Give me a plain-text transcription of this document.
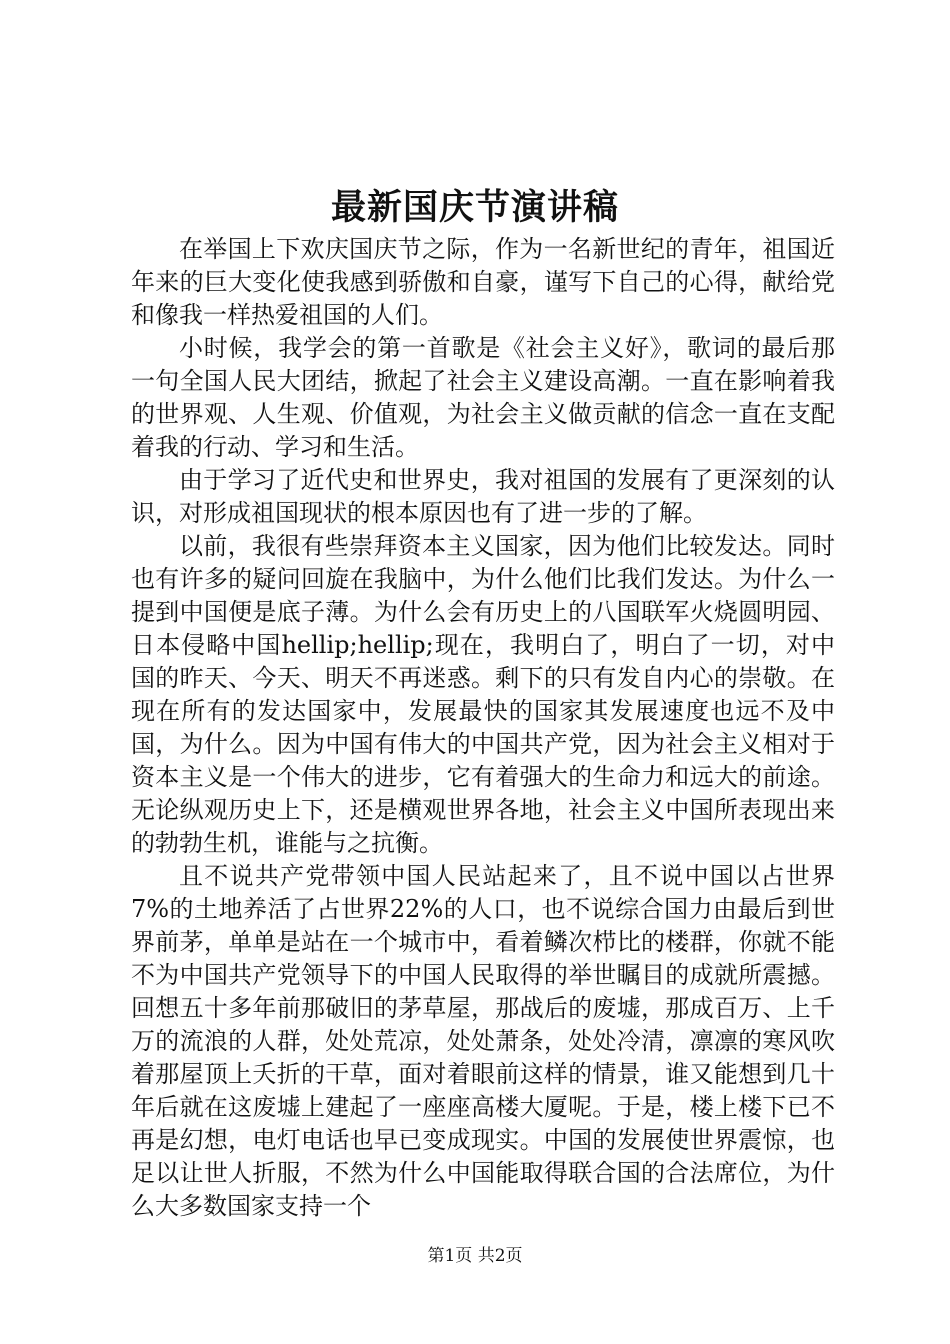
最新国庆节演讲稿

在举国上下欢庆国庆节之际，作为一名新世纪的青年，祖国近年来的巨大变化使我感到骄傲和自豪，谨写下自己的心得，献给党和像我一样热爱祖国的人们。

小时候，我学会的第一首歌是《社会主义好》，歌词的最后那一句全国人民大团结，掀起了社会主义建设高潮。一直在影响着我的世界观、人生观、价值观，为社会主义做贡献的信念一直在支配着我的行动、学习和生活。

由于学习了近代史和世界史，我对祖国的发展有了更深刻的认识，对形成祖国现状的根本原因也有了进一步的了解。

以前，我很有些崇拜资本主义国家，因为他们比较发达。同时也有许多的疑问回旋在我脑中，为什么他们比我们发达。为什么一提到中国便是底子薄。为什么会有历史上的八国联军火烧圆明园、日本侵略中国hellip;hellip;现在，我明白了，明白了一切，对中国的昨天、今天、明天不再迷惑。剩下的只有发自内心的崇敬。在现在所有的发达国家中，发展最快的国家其发展速度也远不及中国，为什么。因为中国有伟大的中国共产党，因为社会主义相对于资本主义是一个伟大的进步，它有着强大的生命力和远大的前途。无论纵观历史上下，还是横观世界各地，社会主义中国所表现出来的勃勃生机，谁能与之抗衡。

且不说共产党带领中国人民站起来了，且不说中国以占世界7%的土地养活了占世界22%的人口，也不说综合国力由最后到世界前茅，单单是站在一个城市中，看着鳞次栉比的楼群，你就不能不为中国共产党领导下的中国人民取得的举世瞩目的成就所震撼。回想五十多年前那破旧的茅草屋，那战后的废墟，那成百万、上千万的流浪的人群，处处荒凉，处处萧条，处处冷清，凛凛的寒风吹着那屋顶上夭折的干草，面对着眼前这样的情景，谁又能想到几十年后就在这废墟上建起了一座座高楼大厦呢。于是，楼上楼下已不再是幻想，电灯电话也早已变成现实。中国的发展使世界震惊，也足以让世人折服，不然为什么中国能取得联合国的合法席位，为什么大多数国家支持一个

第1页 共2页
